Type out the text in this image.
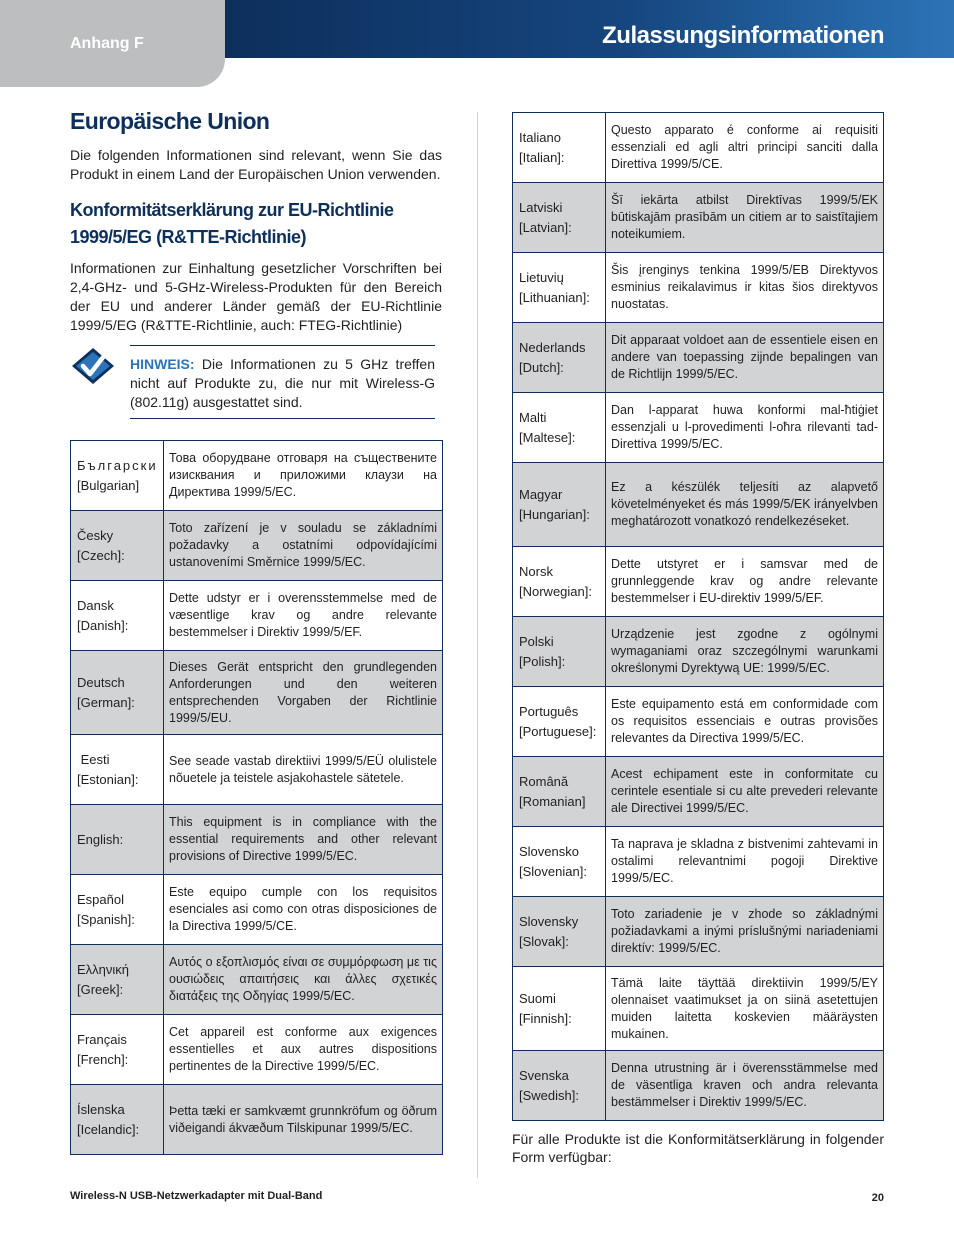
Anhang F	Zulassungsinformationen
Europäische Union
Die folgenden Informationen sind relevant, wenn Sie das Produkt in einem Land der Europäischen Union verwenden.
Konformitätserklärung zur EU-Richtlinie 1999/5/EG (R&TTE-Richtlinie)
Informationen zur Einhaltung gesetzlicher Vorschriften bei 2,4-GHz- und 5-GHz-Wireless-Produkten für den Bereich der EU und anderer Länder gemäß der EU-Richtlinie 1999/5/EG (R&TTE-Richtlinie, auch: FTEG-Richtlinie)
HINWEIS: Die Informationen zu 5 GHz treffen nicht auf Produkte zu, die nur mit Wireless-G (802.11g) ausgestattet sind.
Български
[Bulgarian]	Това оборудване отговаря на съществените изисквания и приложими клаузи на Директива 1999/5/ЕС.
Česky
[Czech]:	Toto zařízení je v souladu se základními požadavky a ostatními odpovídajícími ustanoveními Směrnice 1999/5/EC.
Dansk
[Danish]:	Dette udstyr er i overensstemmelse med de væsentlige krav og andre relevante bestemmelser i Direktiv 1999/5/EF.
Deutsch
[German]:	Dieses Gerät entspricht den grundlegenden Anforderungen und den weiteren entsprechenden Vorgaben der Richtlinie 1999/5/EU.
Eesti
[Estonian]:	See seade vastab direktiivi 1999/5/EÜ olulistele nõuetele ja teistele asjakohastele sätetele.
English:	This equipment is in compliance with the essential requirements and other relevant provisions of Directive 1999/5/EC.
Español
[Spanish]:	Este equipo cumple con los requisitos esenciales asi como con otras disposiciones de la Directiva 1999/5/CE.
Ελληνική
[Greek]:	Αυτός ο εξοπλισμός είναι σε συμμόρφωση με τις ουσιώδεις απαιτήσεις και άλλες σχετικές διατάξεις της Οδηγίας 1999/5/EC.
Français
[French]:	Cet appareil est conforme aux exigences essentielles et aux autres dispositions pertinentes de la Directive 1999/5/EC.
Íslenska
[Icelandic]:	Þetta tæki er samkvæmt grunnkröfum og öðrum viðeigandi ákvæðum Tilskipunar 1999/5/EC.
Italiano
[Italian]:	Questo apparato é conforme ai requisiti essenziali ed agli altri principi sanciti dalla Direttiva 1999/5/CE.
Latviski
[Latvian]:	Šī iekārta atbilst Direktīvas 1999/5/EK būtiskajām prasībām un citiem ar to saistītajiem noteikumiem.
Lietuvių
[Lithuanian]:	Šis įrenginys tenkina 1999/5/EB Direktyvos esminius reikalavimus ir kitas šios direktyvos nuostatas.
Nederlands
[Dutch]:	Dit apparaat voldoet aan de essentiele eisen en andere van toepassing zijnde bepalingen van de Richtlijn 1999/5/EC.
Malti
[Maltese]:	Dan l-apparat huwa konformi mal-ħtiġiet essenzjali u l-provedimenti l-oħra rilevanti tad-Direttiva 1999/5/EC.
Magyar
[Hungarian]:	Ez a készülék teljesíti az alapvető követelményeket és más 1999/5/EK irányelvben meghatározott vonatkozó rendelkezéseket.
Norsk
[Norwegian]:	Dette utstyret er i samsvar med de grunnleggende krav og andre relevante bestemmelser i EU-direktiv 1999/5/EF.
Polski
[Polish]:	Urządzenie jest zgodne z ogólnymi wymaganiami oraz szczególnymi warunkami określonymi Dyrektywą UE: 1999/5/EC.
Português
[Portuguese]:	Este equipamento está em conformidade com os requisitos essenciais e outras provisões relevantes da Directiva 1999/5/EC.
Română
[Romanian]	Acest echipament este in conformitate cu cerintele esentiale si cu alte prevederi relevante ale Directivei 1999/5/EC.
Slovensko
[Slovenian]:	Ta naprava je skladna z bistvenimi zahtevami in ostalimi relevantnimi pogoji Direktive 1999/5/EC.
Slovensky
[Slovak]:	Toto zariadenie je v zhode so základnými požiadavkami a inými príslušnými nariadeniami direktív: 1999/5/EC.
Suomi
[Finnish]:	Tämä laite täyttää direktiivin 1999/5/EY olennaiset vaatimukset ja on siinä asetettujen muiden laitetta koskevien määräysten mukainen.
Svenska
[Swedish]:	Denna utrustning är i överensstämmelse med de väsentliga kraven och andra relevanta bestämmelser i Direktiv 1999/5/EC.
Für alle Produkte ist die Konformitätserklärung in folgender Form verfügbar:
Wireless-N USB-Netzwerkadapter mit Dual-Band	20
